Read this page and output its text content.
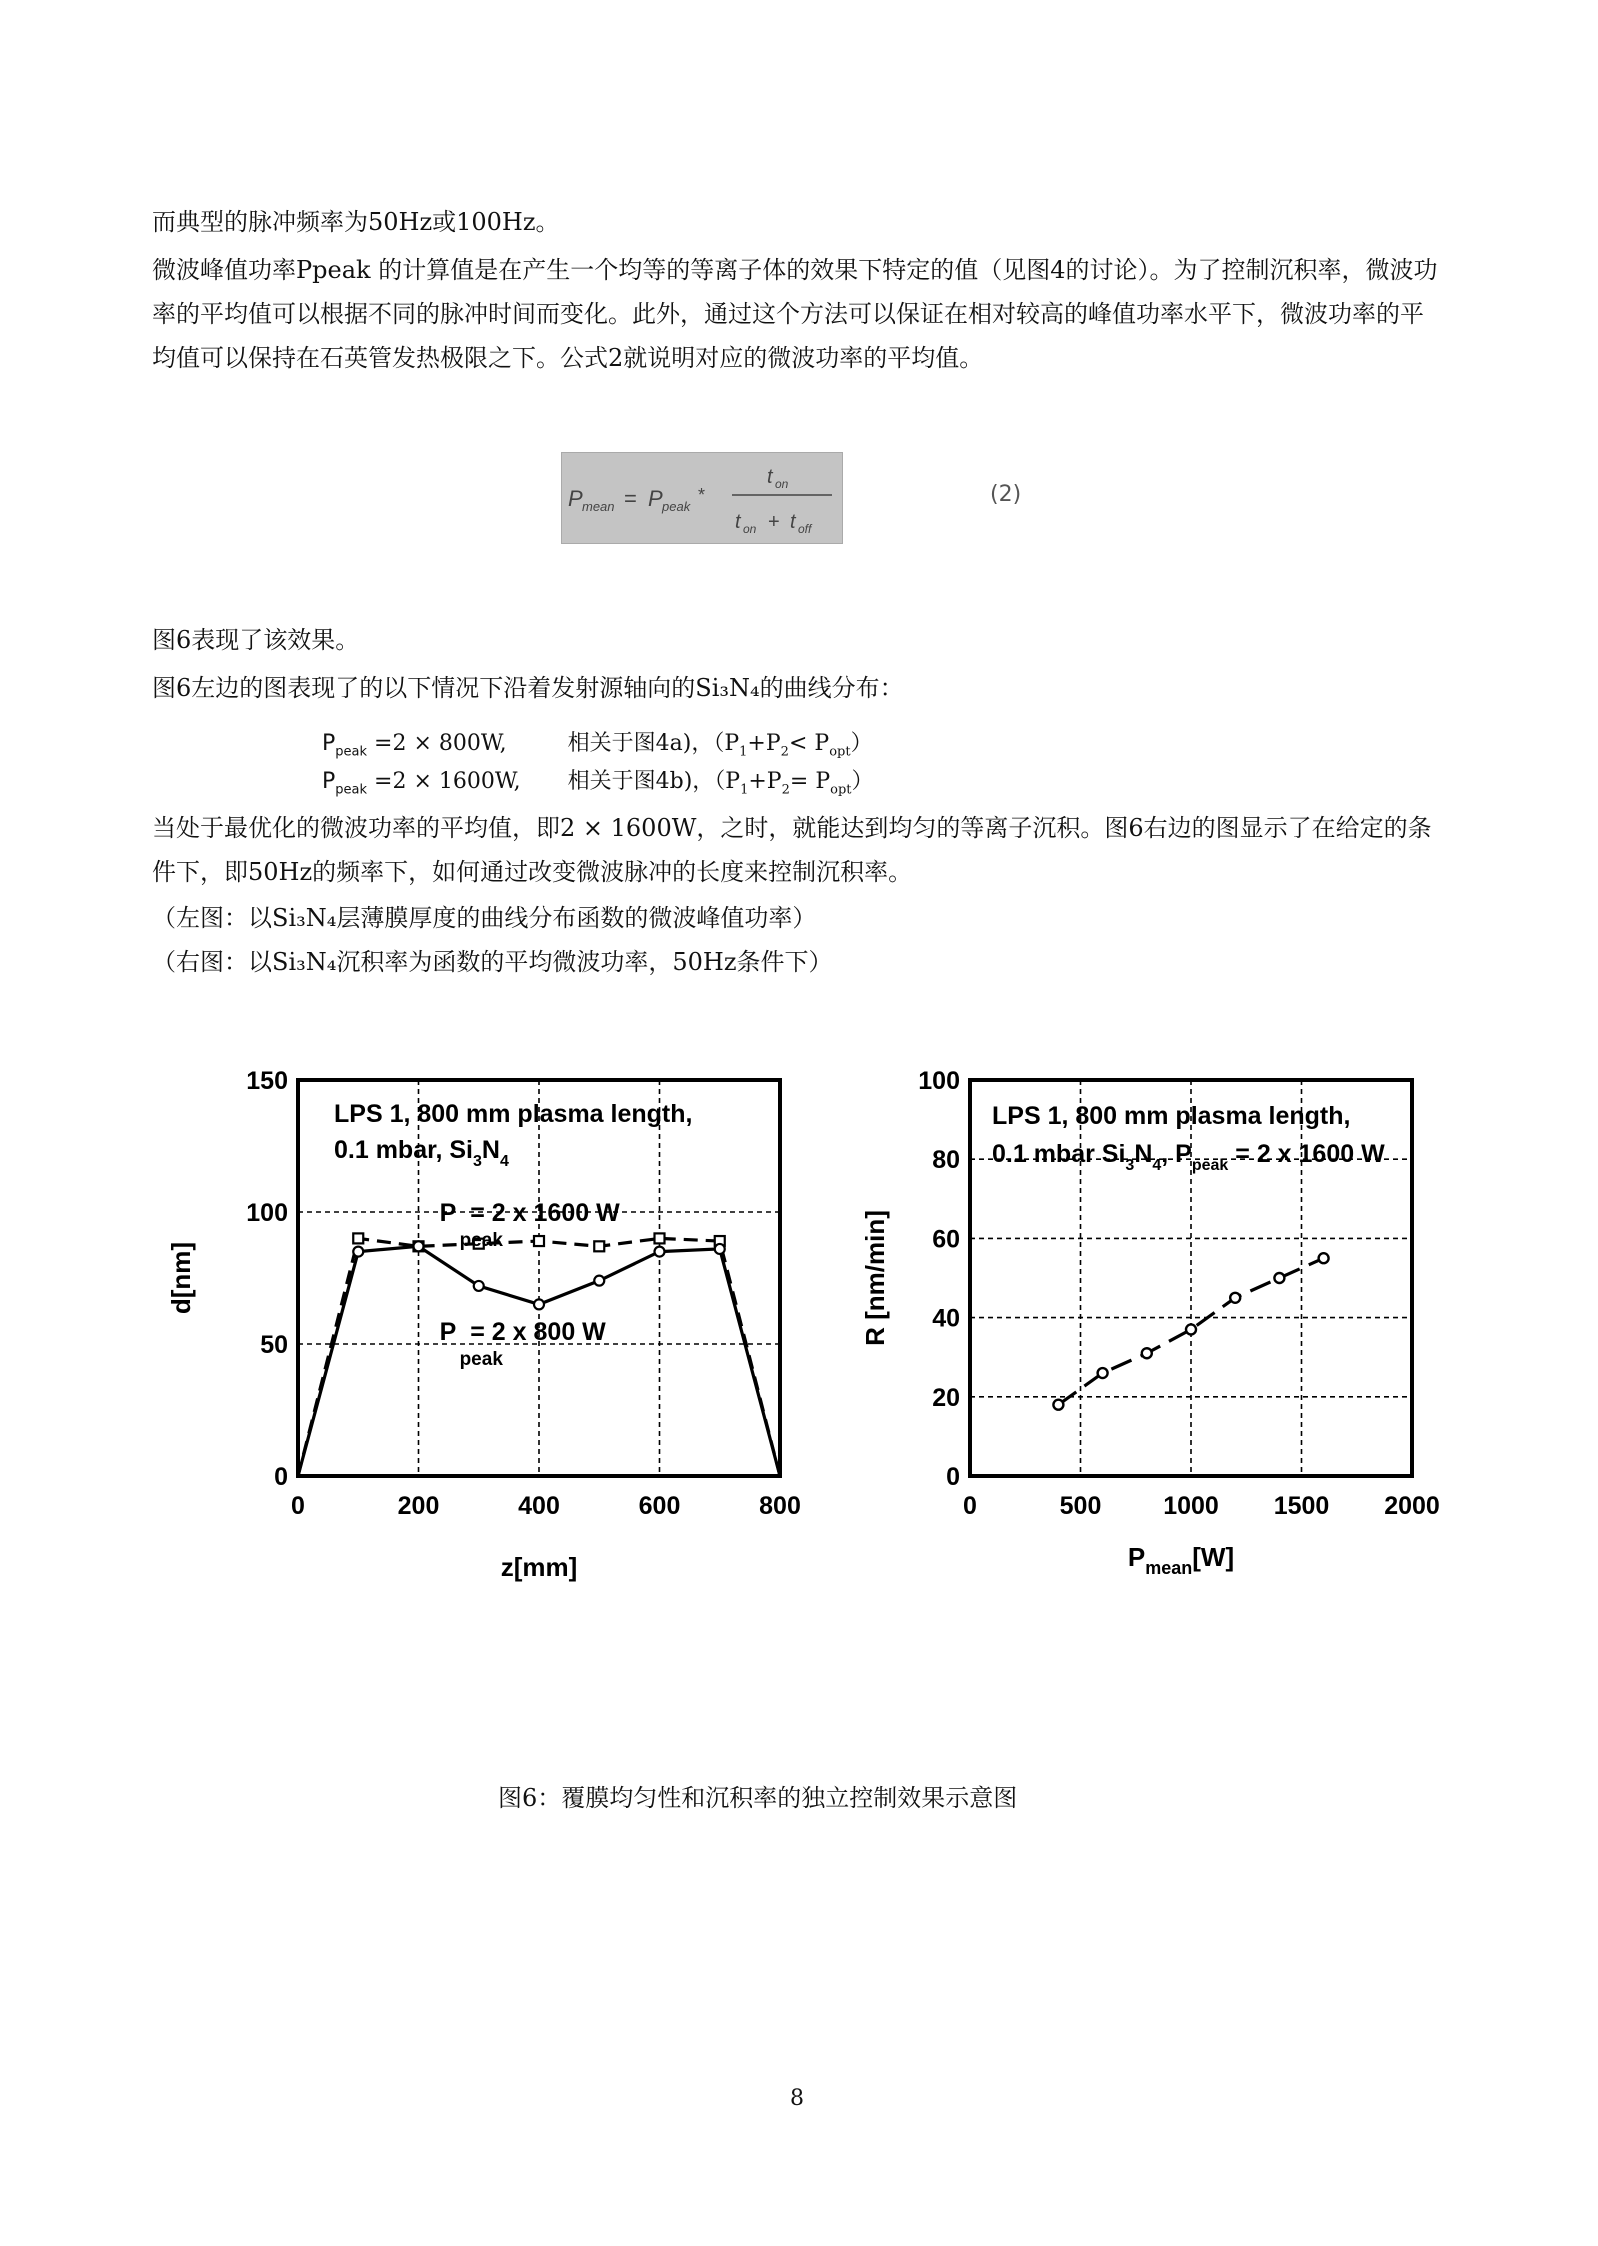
而典型的脉冲频率为50Hz或100Hz。

微波峰值功率Ppeak 的计算值是在产生一个均等的等离子体的效果下特定的值（见图4的讨论）。为了控制沉积率，微波功率的平均值可以根据不同的脉冲时间而变化。此外，通过这个方法可以保证在相对较高的峰值功率水平下，微波功率的平均值可以保持在石英管发热极限之下。公式2就说明对应的微波功率的平均值。

P mean = P peak
*
t on
t on + t off
(2)

图6表现了该效果。

图6左边的图表现了的以下情况下沿着发射源轴向的Si₃N₄的曲线分布：

$P_{peak} =2 \times 800W$,	相关于图4a)，$(P_1+P_2< P_{opt})$
$P_{peak} =2 \times 1600W$, 相关于图4b)，$(P_1+P_2= P_{opt})$

当处于最优化的微波功率的平均值，即2 × 1600W，之时，就能达到均匀的等离子沉积。图6右边的图显示了在给定的条件下，即50Hz的频率下，如何通过改变微波脉冲的长度来控制沉积率。

（左图：以Si₃N₄层薄膜厚度的曲线分布函数的微波峰值功率）

（右图：以Si₃N₄沉积率为函数的平均微波功率，50Hz条件下）

0	200	400	600	800
0
50
100
150
LPS 1, 800 mm plasma length,
0.1 mbar, $Si_3N_4$
P = 2 x 1600 W
peak
P = 2 x 800 W
peak
z[mm]
d[nm]
0	500 1000 1500 2000
0
20
40
60
80
100
LPS 1, 800 mm plasma length,
0.1 mbar $Si_3N_4$, $P_{peak} = 2$ x 1600 W
$P_{mean}[W]$
R [nm/min]
图6：覆膜均匀性和沉积率的独立控制效果示意图
8
